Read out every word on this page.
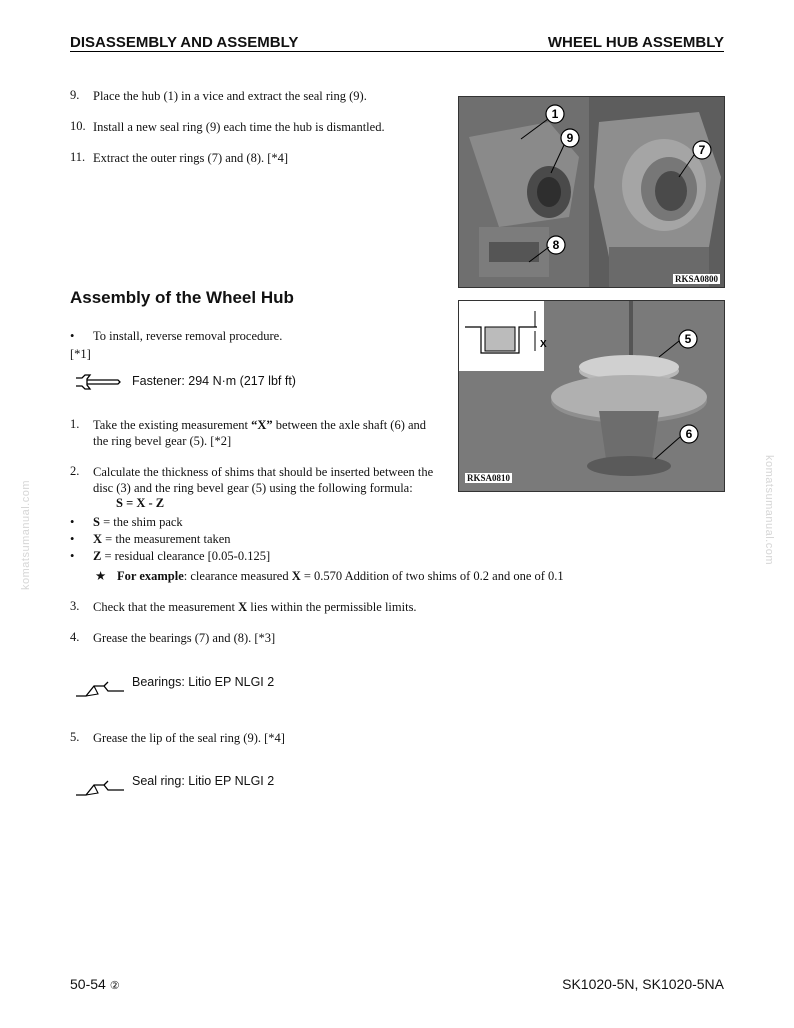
DISASSEMBLY AND ASSEMBLY	WHEEL HUB ASSEMBLY
9. Place the hub (1) in a vice and extract the seal ring (9).
10. Install a new seal ring (9) each time the hub is dismantled.
11. Extract the outer rings (7) and (8). [*4]
1
9
7
8
RKSA0800
Assembly of the Wheel Hub
• To install, reverse removal procedure.
[*1]
Fastener: 294 N·m (217 lbf ft)
1. Take the existing measurement “X” between the axle shaft (6) and
the ring bevel gear (5). [*2]
X	5
6
RKSA0810
2. Calculate the thickness of shims that should be inserted between the
disc (3) and the ring bevel gear (5) using the following formula:
S = X - Z
• S = the shim pack
• X = the measurement taken
• Z = residual clearance [0.05-0.125]
★ For example: clearance measured X = 0.570 Addition of two shims of 0.2 and one of 0.1
3. Check that the measurement X lies within the permissible limits.
4. Grease the bearings (7) and (8). [*3]
Bearings: Litio EP NLGI 2
5. Grease the lip of the seal ring (9). [*4]
Seal ring: Litio EP NLGI 2
komatsumanual.com	komatsumanual.com
50-54 ②	SK1020-5N, SK1020-5NA
